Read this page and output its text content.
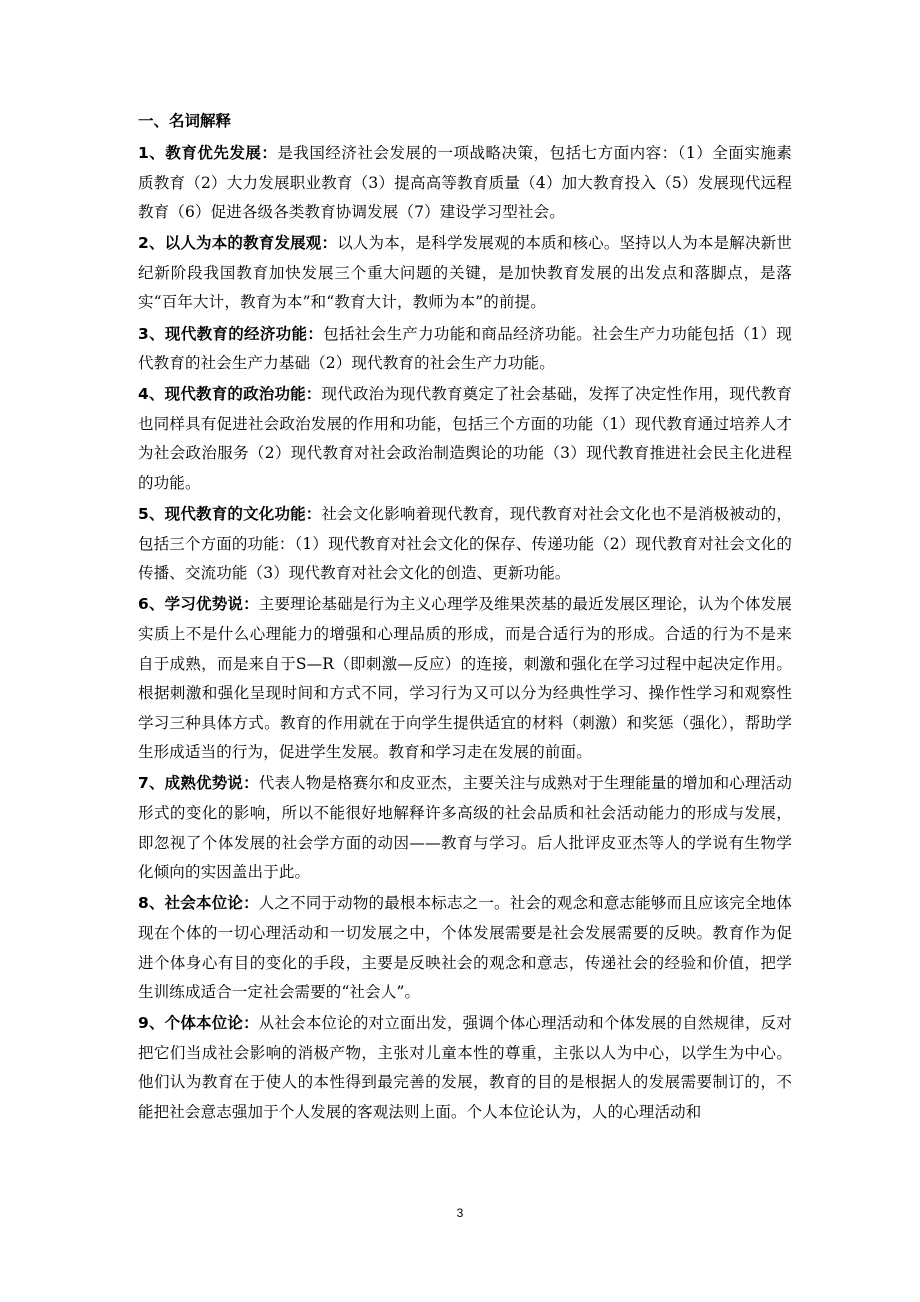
一、名词解释

1、教育优先发展：是我国经济社会发展的一项战略决策，包括七方面内容：（1）全面实施素质教育（2）大力发展职业教育（3）提高高等教育质量（4）加大教育投入（5）发展现代远程教育（6）促进各级各类教育协调发展（7）建设学习型社会。

2、以人为本的教育发展观：以人为本，是科学发展观的本质和核心。坚持以人为本是解决新世纪新阶段我国教育加快发展三个重大问题的关键，是加快教育发展的出发点和落脚点，是落实“百年大计，教育为本”和“教育大计，教师为本”的前提。

3、现代教育的经济功能：包括社会生产力功能和商品经济功能。社会生产力功能包括（1）现代教育的社会生产力基础（2）现代教育的社会生产力功能。

4、现代教育的政治功能：现代政治为现代教育奠定了社会基础，发挥了决定性作用，现代教育也同样具有促进社会政治发展的作用和功能，包括三个方面的功能（1）现代教育通过培养人才为社会政治服务（2）现代教育对社会政治制造舆论的功能（3）现代教育推进社会民主化进程的功能。

5、现代教育的文化功能：社会文化影响着现代教育，现代教育对社会文化也不是消极被动的，包括三个方面的功能：（1）现代教育对社会文化的保存、传递功能（2）现代教育对社会文化的传播、交流功能（3）现代教育对社会文化的创造、更新功能。

6、学习优势说：主要理论基础是行为主义心理学及维果茨基的最近发展区理论，认为个体发展实质上不是什么心理能力的增强和心理品质的形成，而是合适行为的形成。合适的行为不是来自于成熟，而是来自于S—R（即刺激—反应）的连接，刺激和强化在学习过程中起决定作用。根据刺激和强化呈现时间和方式不同，学习行为又可以分为经典性学习、操作性学习和观察性学习三种具体方式。教育的作用就在于向学生提供适宜的材料（刺激）和奖惩（强化），帮助学生形成适当的行为，促进学生发展。教育和学习走在发展的前面。

7、成熟优势说：代表人物是格赛尔和皮亚杰，主要关注与成熟对于生理能量的增加和心理活动形式的变化的影响，所以不能很好地解释许多高级的社会品质和社会活动能力的形成与发展，即忽视了个体发展的社会学方面的动因——教育与学习。后人批评皮亚杰等人的学说有生物学化倾向的实因盖出于此。

8、社会本位论：人之不同于动物的最根本标志之一。社会的观念和意志能够而且应该完全地体现在个体的一切心理活动和一切发展之中，个体发展需要是社会发展需要的反映。教育作为促进个体身心有目的变化的手段，主要是反映社会的观念和意志，传递社会的经验和价值，把学生训练成适合一定社会需要的“社会人”。

9、个体本位论：从社会本位论的对立面出发，强调个体心理活动和个体发展的自然规律，反对把它们当成社会影响的消极产物，主张对儿童本性的尊重，主张以人为中心，以学生为中心。他们认为教育在于使人的本性得到最完善的发展，教育的目的是根据人的发展需要制订的，不能把社会意志强加于个人发展的客观法则上面。个人本位论认为，人的心理活动和

3
